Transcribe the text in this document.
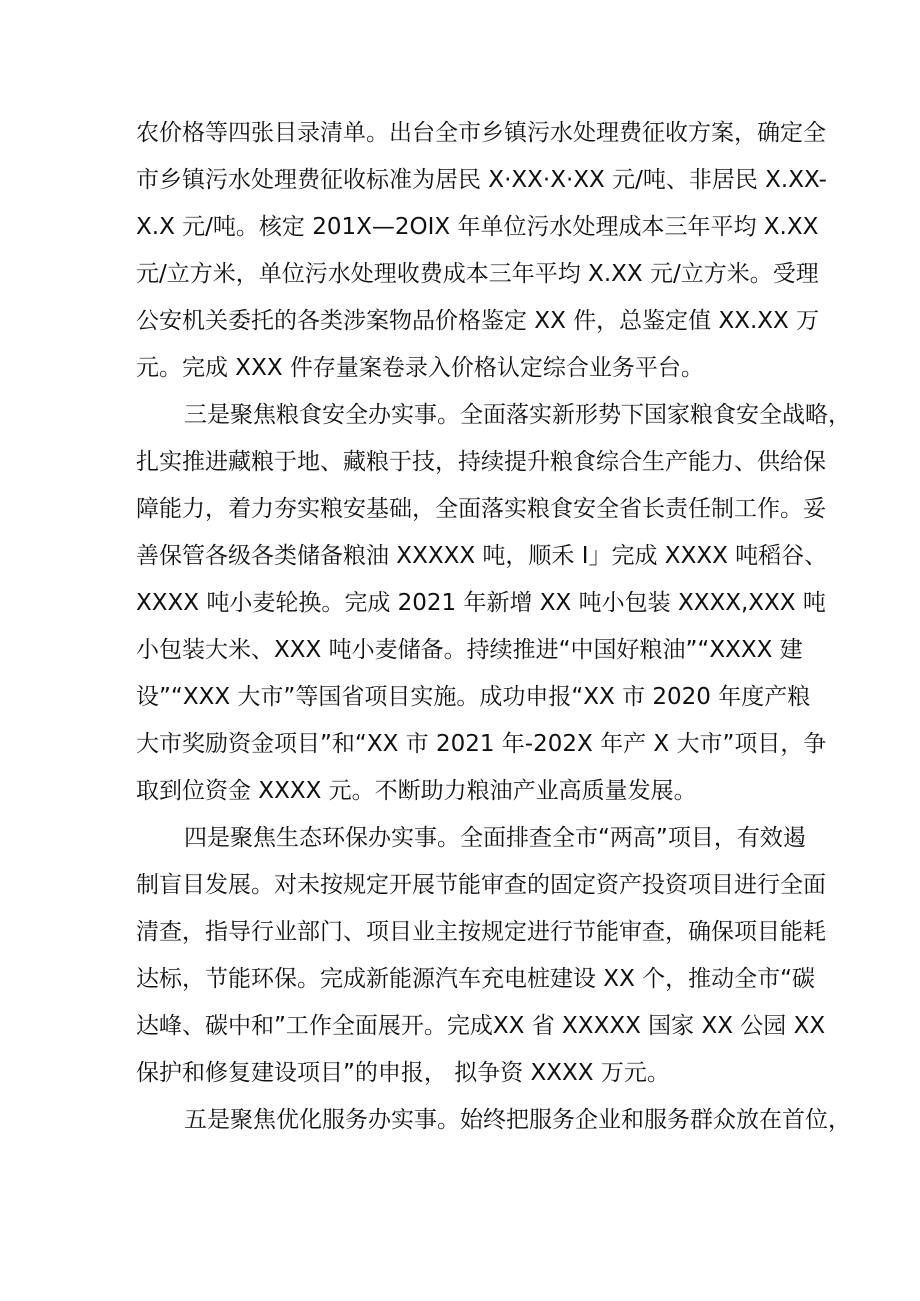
农价格等四张目录清单。出台全市乡镇污水处理费征收方案，确定全
市乡镇污水处理费征收标准为居民 X·XX·X·XX 元/吨、非居民 X.XX-
X.X 元/吨。核定 201X—2OIX 年单位污水处理成本三年平均 X.XX
元/立方米，单位污水处理收费成本三年平均 X.XX 元/立方米。受理
公安机关委托的各类涉案物品价格鉴定 XX 件，总鉴定值 XX.XX 万
元。完成 XXX 件存量案卷录入价格认定综合业务平台。
三是聚焦粮食安全办实事。全面落实新形势下国家粮食安全战略，
扎实推进藏粮于地、藏粮于技，持续提升粮食综合生产能力、供给保
障能力，着力夯实粮安基础，全面落实粮食安全省长责任制工作。妥
善保管各级各类储备粮油 XXXXX 吨，顺禾 I」完成 XXXX 吨稻谷、
XXXX 吨小麦轮换。完成 2021 年新增 XX 吨小包装 XXXX,XXX 吨
小包装大米、XXX 吨小麦储备。持续推进“中国好粮油”“XXXX 建
设”“XXX 大市”等国省项目实施。成功申报“XX 市 2020 年度产粮
大市奖励资金项目”和“XX 市 2021 年-202X 年产 X 大市”项目，争
取到位资金 XXXX 元。不断助力粮油产业高质量发展。
四是聚焦生态环保办实事。全面排查全市“两高”项目，有效遏
制盲目发展。对未按规定开展节能审查的固定资产投资项目进行全面
清查，指导行业部门、项目业主按规定进行节能审查，确保项目能耗
达标，节能环保。完成新能源汽车充电桩建设 XX 个，推动全市“碳
达峰、碳中和”工作全面展开。完成XX 省 XXXXX 国家 XX 公园 XX
保护和修复建设项目”的申报， 拟争资 XXXX 万元。
五是聚焦优化服务办实事。始终把服务企业和服务群众放在首位，
